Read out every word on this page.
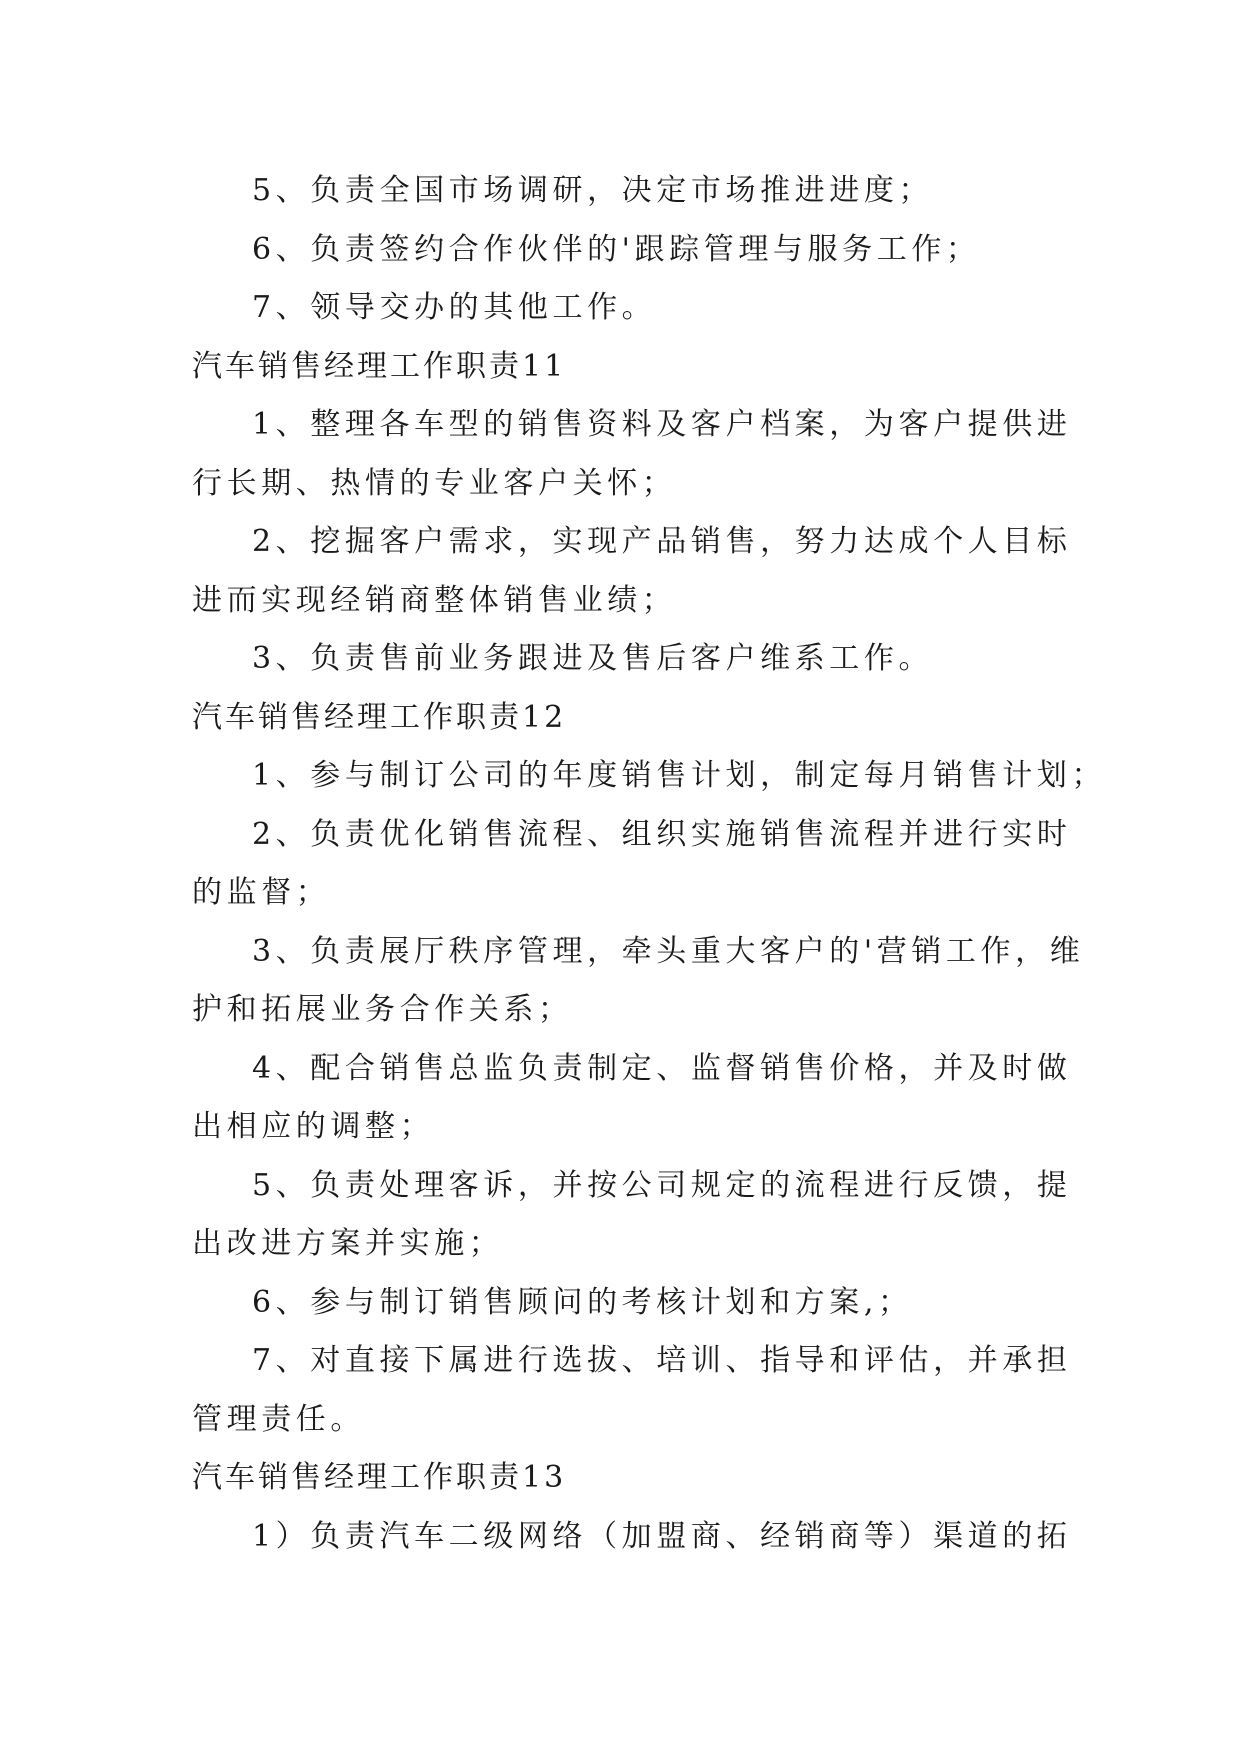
5、负责全国市场调研，决定市场推进进度；
6、负责签约合作伙伴的'跟踪管理与服务工作；
7、领导交办的其他工作。
汽车销售经理工作职责11
1、整理各车型的销售资料及客户档案，为客户提供进
行长期、热情的专业客户关怀；
2、挖掘客户需求，实现产品销售，努力达成个人目标
进而实现经销商整体销售业绩；
3、负责售前业务跟进及售后客户维系工作。
汽车销售经理工作职责12
1、参与制订公司的年度销售计划，制定每月销售计划；
2、负责优化销售流程、组织实施销售流程并进行实时
的监督；
3、负责展厅秩序管理，牵头重大客户的'营销工作，维
护和拓展业务合作关系；
4、配合销售总监负责制定、监督销售价格，并及时做
出相应的调整；
5、负责处理客诉，并按公司规定的流程进行反馈，提
出改进方案并实施；
6、参与制订销售顾问的考核计划和方案,；
7、对直接下属进行选拔、培训、指导和评估，并承担
管理责任。
汽车销售经理工作职责13
1）负责汽车二级网络（加盟商、经销商等）渠道的拓
